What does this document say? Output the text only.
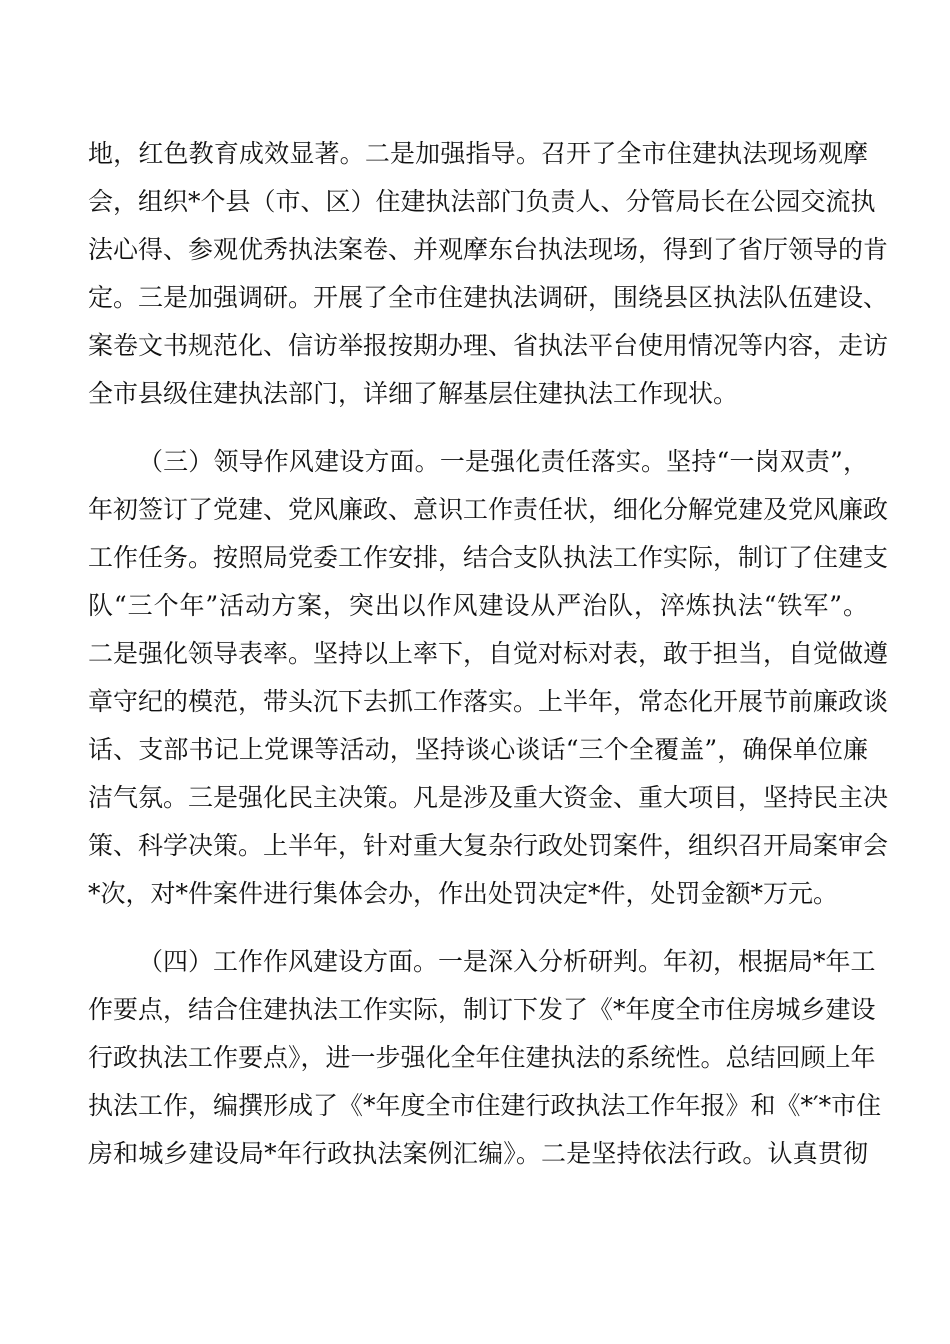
地，红色教育成效显著。二是加强指导。召开了全市住建执法现场观摩
会，组织*个县（市、区）住建执法部门负责人、分管局长在公园交流执
法心得、参观优秀执法案卷、并观摩东台执法现场，得到了省厅领导的肯
定。三是加强调研。开展了全市住建执法调研，围绕县区执法队伍建设、
案卷文书规范化、信访举报按期办理、省执法平台使用情况等内容，走访
全市县级住建执法部门，详细了解基层住建执法工作现状。
（三）领导作风建设方面。一是强化责任落实。坚持“一岗双责”，
年初签订了党建、党风廉政、意识工作责任状，细化分解党建及党风廉政
工作任务。按照局党委工作安排，结合支队执法工作实际，制订了住建支
队“三个年”活动方案，突出以作风建设从严治队，淬炼执法“铁军”。
二是强化领导表率。坚持以上率下，自觉对标对表，敢于担当，自觉做遵
章守纪的模范，带头沉下去抓工作落实。上半年，常态化开展节前廉政谈
话、支部书记上党课等活动，坚持谈心谈话“三个全覆盖”，确保单位廉
洁气氛。三是强化民主决策。凡是涉及重大资金、重大项目，坚持民主决
策、科学决策。上半年，针对重大复杂行政处罚案件，组织召开局案审会
*次，对*件案件进行集体会办，作出处罚决定*件，处罚金额*万元。
（四）工作作风建设方面。一是深入分析研判。年初，根据局*年工
作要点，结合住建执法工作实际，制订下发了《*年度全市住房城乡建设
行政执法工作要点》，进一步强化全年住建执法的系统性。总结回顾上年
执法工作，编撰形成了《*年度全市住建行政执法工作年报》和《*′*市住
房和城乡建设局*年行政执法案例汇编》。二是坚持依法行政。认真贯彻
